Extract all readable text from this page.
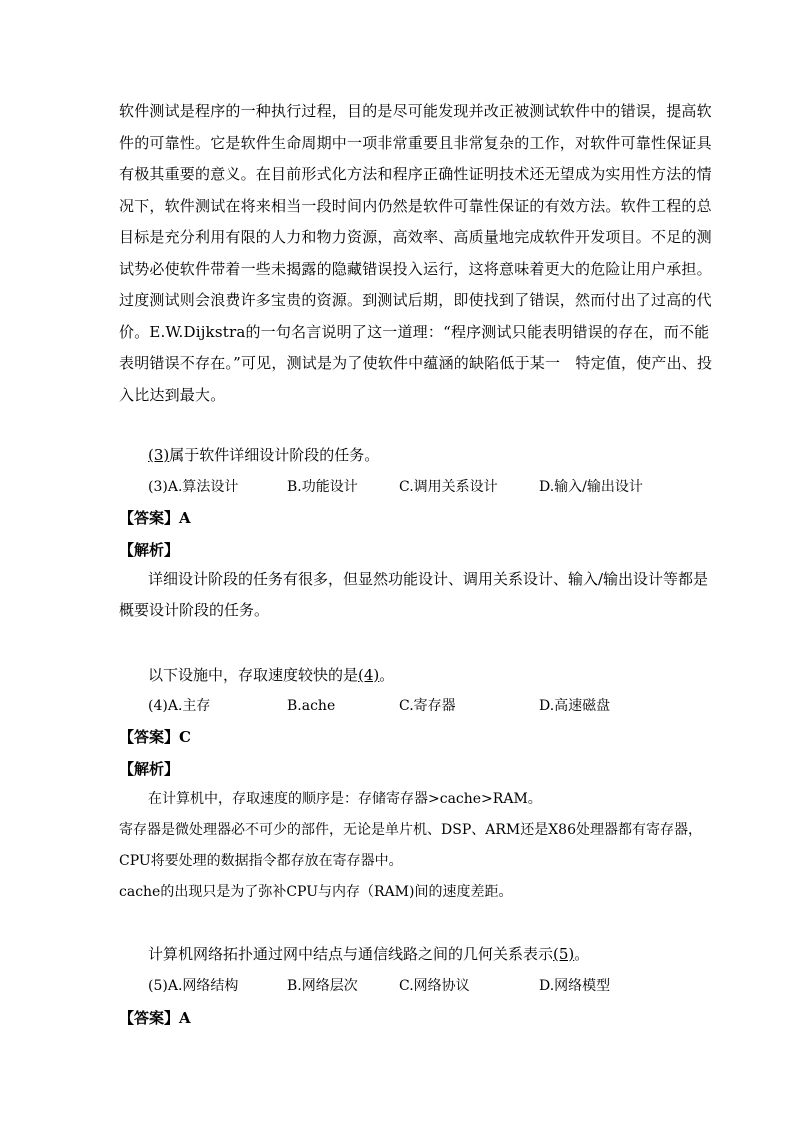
软件测试是程序的一种执行过程，目的是尽可能发现并改正被测试软件中的错误，提高软
件的可靠性。它是软件生命周期中一项非常重要且非常复杂的工作，对软件可靠性保证具
有极其重要的意义。在目前形式化方法和程序正确性证明技术还无望成为实用性方法的情
况下，软件测试在将来相当一段时间内仍然是软件可靠性保证的有效方法。软件工程的总
目标是充分利用有限的人力和物力资源，高效率、高质量地完成软件开发项目。不足的测
试势必使软件带着一些未揭露的隐藏错误投入运行，这将意味着更大的危险让用户承担。
过度测试则会浪费许多宝贵的资源。到测试后期，即使找到了错误，然而付出了过高的代
价。E.W.Dijkstra的一句名言说明了这一道理：“程序测试只能表明错误的存在，而不能
表明错误不存在。”可见，测试是为了使软件中蕴涵的缺陷低于某一　特定值，使产出、投
入比达到最大。
(3)属于软件详细设计阶段的任务。
(3)A.算法设计	B.功能设计	C.调用关系设计	D.输入/输出设计
【答案】A
【解析】
详细设计阶段的任务有很多，但显然功能设计、调用关系设计、输入/输出设计等都是
概要设计阶段的任务。
以下设施中，存取速度较快的是(4)。
(4)A.主存	B.ache	C.寄存器	D.高速磁盘
【答案】C
【解析】
在计算机中，存取速度的顺序是：存储寄存器>cache>RAM。
寄存器是微处理器必不可少的部件，无论是单片机、DSP、ARM还是X86处理器都有寄存器，
CPU将要处理的数据指令都存放在寄存器中。
cache的出现只是为了弥补CPU与内存（RAM)间的速度差距。
计算机网络拓扑通过网中结点与通信线路之间的几何关系表示(5)。
(5)A.网络结构	B.网络层次	C.网络协议	D.网络模型
【答案】A
